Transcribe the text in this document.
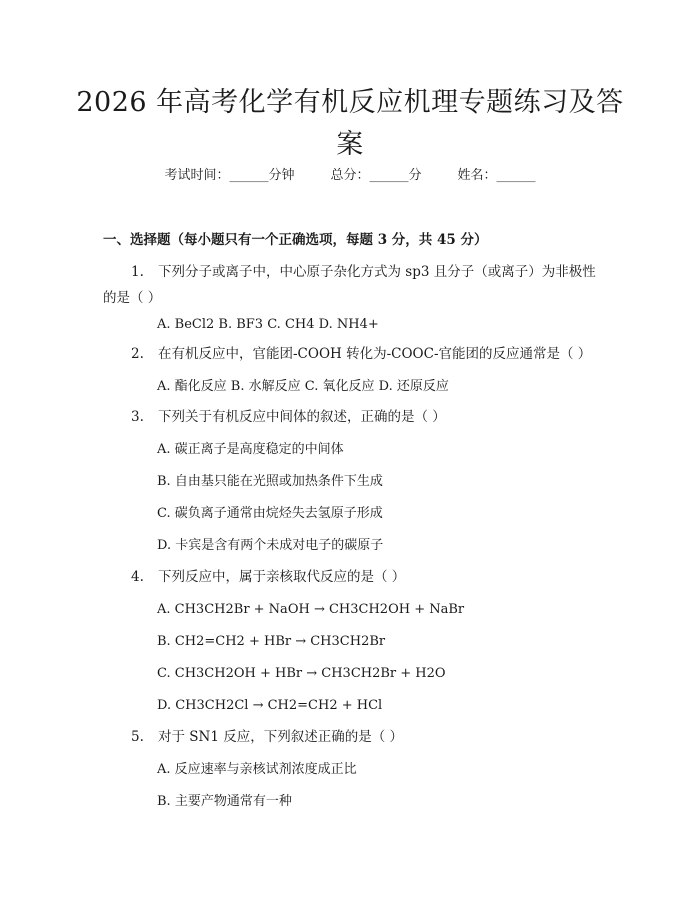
2026 年高考化学有机反应机理专题练习及答
案
考试时间：______分钟	总分：______分	姓名：______
一、选择题（每小题只有一个正确选项，每题 3 分，共 45 分）
1. 下列分子或离子中，中心原子杂化方式为 sp3 且分子（或离子）为非极性
的是（ ）
A. BeCl2 B. BF3 C. CH4 D. NH4+
2. 在有机反应中，官能团-COOH 转化为-COOC-官能团的反应通常是（ ）
A. 酯化反应 B. 水解反应 C. 氧化反应 D. 还原反应
3. 下列关于有机反应中间体的叙述，正确的是（ ）
A. 碳正离子是高度稳定的中间体
B. 自由基只能在光照或加热条件下生成
C. 碳负离子通常由烷烃失去氢原子形成
D. 卡宾是含有两个未成对电子的碳原子
4. 下列反应中，属于亲核取代反应的是（ ）
A. CH3CH2Br + NaOH → CH3CH2OH + NaBr
B. CH2=CH2 + HBr → CH3CH2Br
C. CH3CH2OH + HBr → CH3CH2Br + H2O
D. CH3CH2Cl → CH2=CH2 + HCl
5. 对于 SN1 反应，下列叙述正确的是（ ）
A. 反应速率与亲核试剂浓度成正比
B. 主要产物通常有一种
